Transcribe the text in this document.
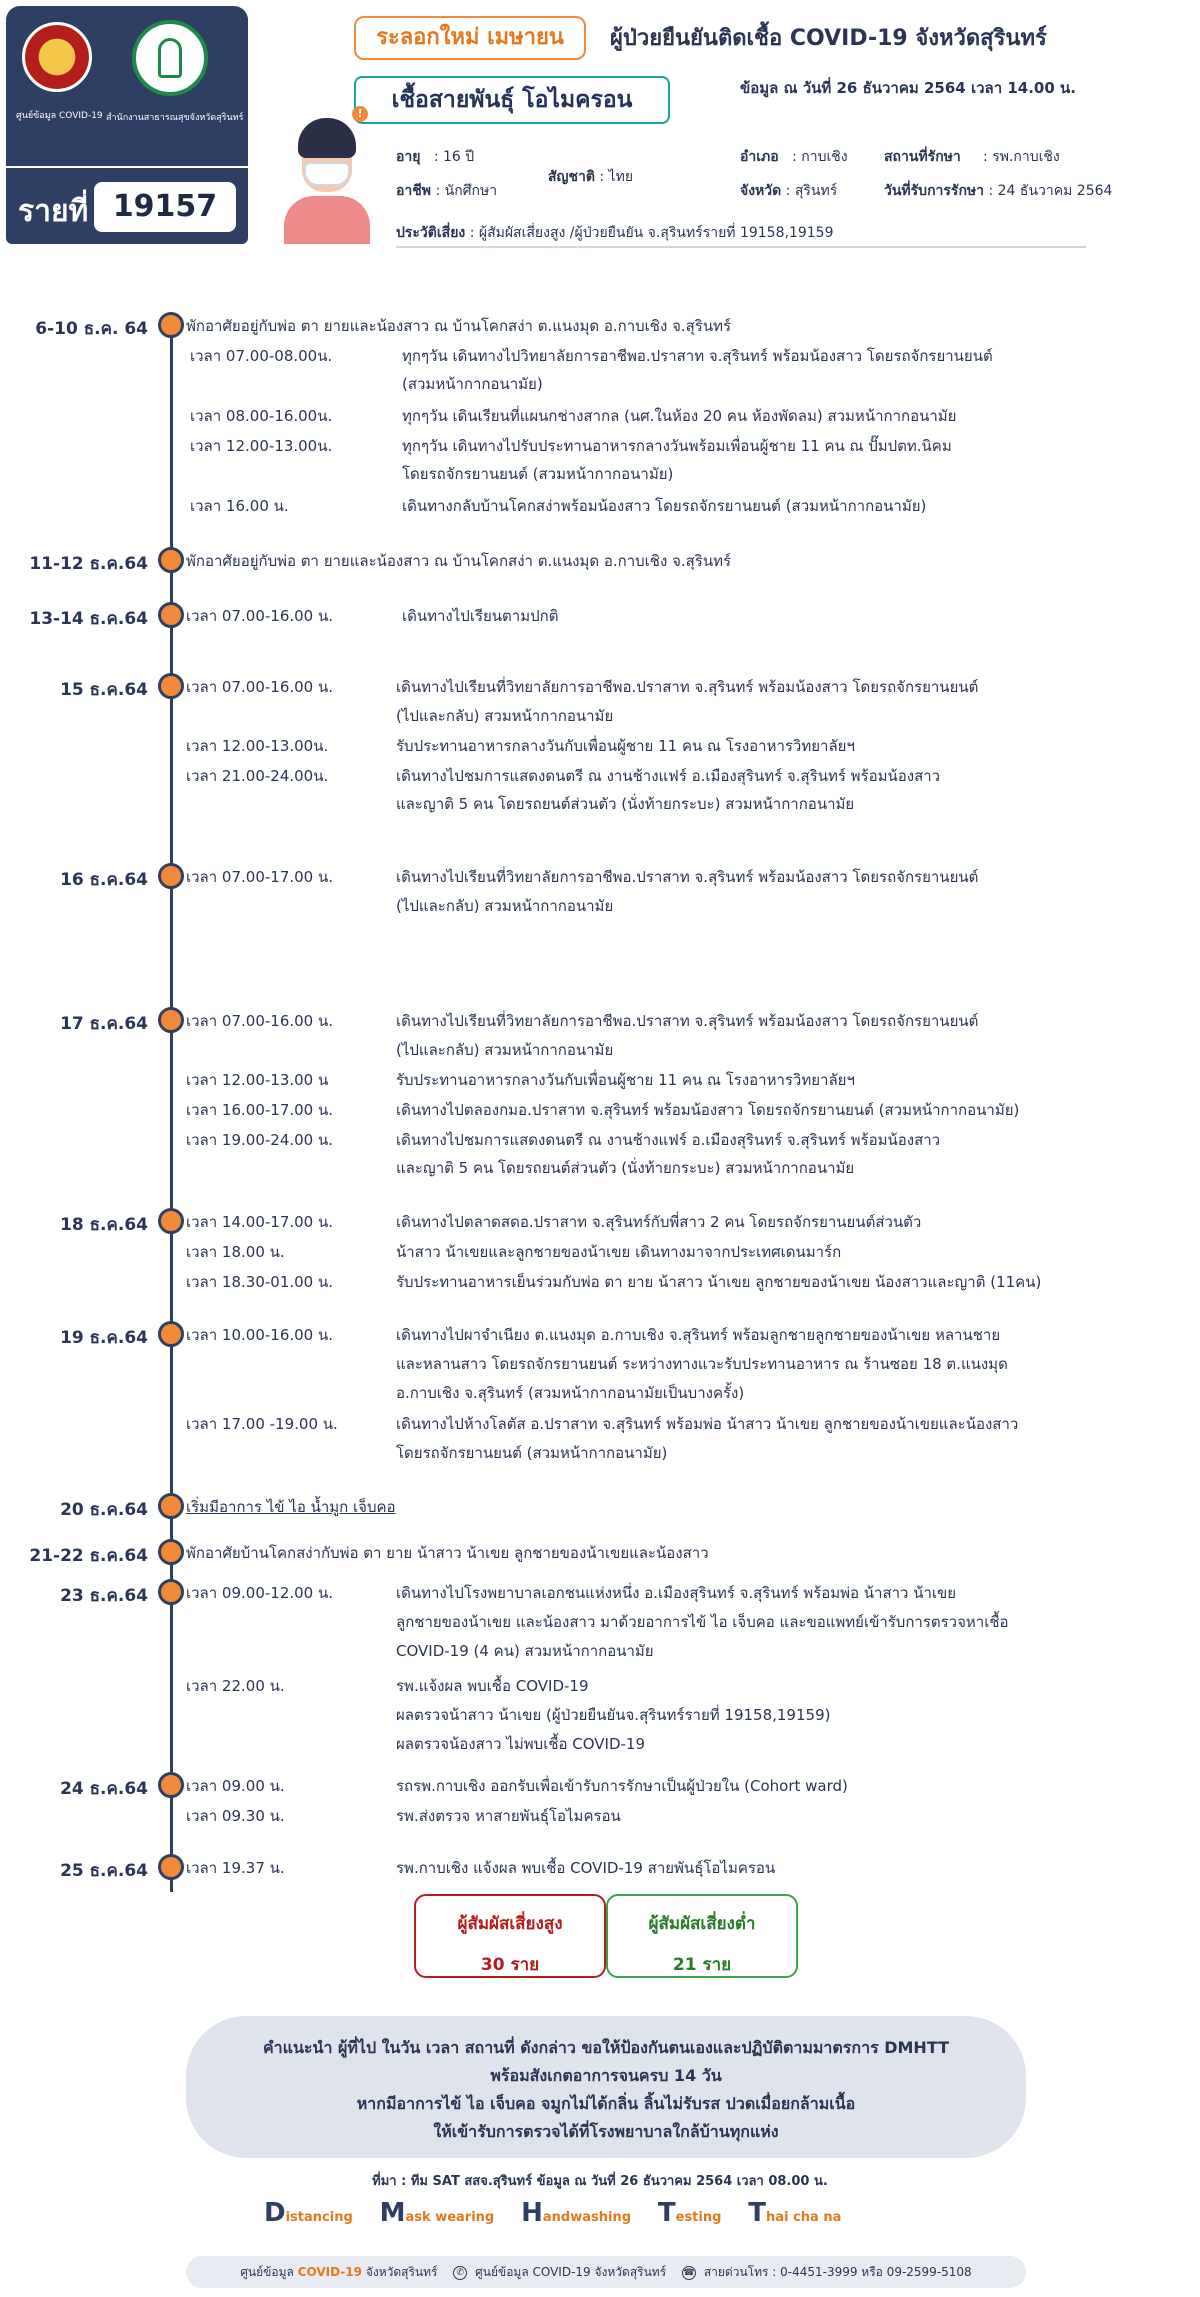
ศูนย์ข้อมูล COVID-19 สำนักงานสาธารณสุขจังหวัดสุรินทร์
รายที่ 19157
ระลอกใหม่ เมษายน	ผู้ป่วยยืนยันติดเชื้อ COVID-19 จังหวัดสุรินทร์
ข้อมูล ณ วันที่ 26 ธันวาคม 2564 เวลา 14.00 น.
เชื้อสายพันธุ์ โอไมครอน
!
อายุ : 16 ปี
อาชีพ : นักศึกษา
สัญชาติ : ไทย
อำเภอ : กาบเชิง
จังหวัด : สุรินทร์
สถานที่รักษา : รพ.กาบเชิง
วันที่รับการรักษา : 24 ธันวาคม 2564
ประวัติเสี่ยง : ผู้สัมผัสเสี่ยงสูง /ผู้ป่วยยืนยัน จ.สุรินทร์รายที่ 19158,19159
6-10 ธ.ค. 64	พักอาศัยอยู่กับพ่อ ตา ยายและน้องสาว ณ บ้านโคกสง่า ต.แนงมุด อ.กาบเชิง จ.สุรินทร์
เวลา 07.00-08.00น.	ทุกๆวัน เดินทางไปวิทยาลัยการอาชีพอ.ปราสาท จ.สุรินทร์ พร้อมน้องสาว โดยรถจักรยานยนต์
(สวมหน้ากากอนามัย)
เวลา 08.00-16.00น.	ทุกๆวัน เดินเรียนที่แผนกช่างสากล (นศ.ในห้อง 20 คน ห้องพัดลม) สวมหน้ากากอนามัย
เวลา 12.00-13.00น.	ทุกๆวัน เดินทางไปรับประทานอาหารกลางวันพร้อมเพื่อนผู้ชาย 11 คน ณ ปั๊มปตท.นิคม
โดยรถจักรยานยนต์ (สวมหน้ากากอนามัย)
เวลา 16.00 น.	เดินทางกลับบ้านโคกสง่าพร้อมน้องสาว โดยรถจักรยานยนต์ (สวมหน้ากากอนามัย)
11-12 ธ.ค.64	พักอาศัยอยู่กับพ่อ ตา ยายและน้องสาว ณ บ้านโคกสง่า ต.แนงมุด อ.กาบเชิง จ.สุรินทร์
13-14 ธ.ค.64	เวลา 07.00-16.00 น.	เดินทางไปเรียนตามปกติ
15 ธ.ค.64	เวลา 07.00-16.00 น.	เดินทางไปเรียนที่วิทยาลัยการอาชีพอ.ปราสาท จ.สุรินทร์ พร้อมน้องสาว โดยรถจักรยานยนต์
(ไปและกลับ) สวมหน้ากากอนามัย
เวลา 12.00-13.00น.	รับประทานอาหารกลางวันกับเพื่อนผู้ชาย 11 คน ณ โรงอาหารวิทยาลัยฯ
เวลา 21.00-24.00น.	เดินทางไปชมการแสดงดนตรี ณ งานช้างแฟร์ อ.เมืองสุรินทร์ จ.สุรินทร์ พร้อมน้องสาว
และญาติ 5 คน โดยรถยนต์ส่วนตัว (นั่งท้ายกระบะ) สวมหน้ากากอนามัย
16 ธ.ค.64	เวลา 07.00-17.00 น.	เดินทางไปเรียนที่วิทยาลัยการอาชีพอ.ปราสาท จ.สุรินทร์ พร้อมน้องสาว โดยรถจักรยานยนต์
(ไปและกลับ) สวมหน้ากากอนามัย
17 ธ.ค.64	เวลา 07.00-16.00 น.	เดินทางไปเรียนที่วิทยาลัยการอาชีพอ.ปราสาท จ.สุรินทร์ พร้อมน้องสาว โดยรถจักรยานยนต์
(ไปและกลับ) สวมหน้ากากอนามัย
เวลา 12.00-13.00 น	รับประทานอาหารกลางวันกับเพื่อนผู้ชาย 11 คน ณ โรงอาหารวิทยาลัยฯ
เวลา 16.00-17.00 น.	เดินทางไปตลองกมอ.ปราสาท จ.สุรินทร์ พร้อมน้องสาว โดยรถจักรยานยนต์ (สวมหน้ากากอนามัย)
เวลา 19.00-24.00 น.	เดินทางไปชมการแสดงดนตรี ณ งานช้างแฟร์ อ.เมืองสุรินทร์ จ.สุรินทร์ พร้อมน้องสาว
และญาติ 5 คน โดยรถยนต์ส่วนตัว (นั่งท้ายกระบะ) สวมหน้ากากอนามัย
18 ธ.ค.64	เวลา 14.00-17.00 น.	เดินทางไปตลาดสดอ.ปราสาท จ.สุรินทร์กับพี่สาว 2 คน โดยรถจักรยานยนต์ส่วนตัว
เวลา 18.00 น.	น้าสาว น้าเขยและลูกชายของน้าเขย เดินทางมาจากประเทศเดนมาร์ก
เวลา 18.30-01.00 น.	รับประทานอาหารเย็นร่วมกับพ่อ ตา ยาย น้าสาว น้าเขย ลูกชายของน้าเขย น้องสาวและญาติ (11คน)
19 ธ.ค.64	เวลา 10.00-16.00 น.	เดินทางไปผาจำเนียง ต.แนงมุด อ.กาบเชิง จ.สุรินทร์ พร้อมลูกชายลูกชายของน้าเขย หลานชาย
และหลานสาว โดยรถจักรยานยนต์ ระหว่างทางแวะรับประทานอาหาร ณ ร้านซอย 18 ต.แนงมุด
อ.กาบเชิง จ.สุรินทร์ (สวมหน้ากากอนามัยเป็นบางครั้ง)
เวลา 17.00 -19.00 น.	เดินทางไปห้างโลตัส อ.ปราสาท จ.สุรินทร์ พร้อมพ่อ น้าสาว น้าเขย ลูกชายของน้าเขยและน้องสาว
โดยรถจักรยานยนต์ (สวมหน้ากากอนามัย)
20 ธ.ค.64	เริ่มมีอาการ ไข้ ไอ น้ำมูก เจ็บคอ
21-22 ธ.ค.64	พักอาศัยบ้านโคกสง่ากับพ่อ ตา ยาย น้าสาว น้าเขย ลูกชายของน้าเขยและน้องสาว
23 ธ.ค.64	เวลา 09.00-12.00 น.	เดินทางไปโรงพยาบาลเอกชนแห่งหนึ่ง อ.เมืองสุรินทร์ จ.สุรินทร์ พร้อมพ่อ น้าสาว น้าเขย
ลูกชายของน้าเขย และน้องสาว มาด้วยอาการไข้ ไอ เจ็บคอ และขอแพทย์เข้ารับการตรวจหาเชื้อ
COVID-19 (4 คน) สวมหน้ากากอนามัย
เวลา 22.00 น.	รพ.แจ้งผล พบเชื้อ COVID-19
ผลตรวจน้าสาว น้าเขย (ผู้ป่วยยืนยันจ.สุรินทร์รายที่ 19158,19159)
ผลตรวจน้องสาว ไม่พบเชื้อ COVID-19
24 ธ.ค.64	เวลา 09.00 น.	รถรพ.กาบเชิง ออกรับเพื่อเข้ารับการรักษาเป็นผู้ป่วยใน (Cohort ward)
เวลา 09.30 น.	รพ.ส่งตรวจ หาสายพันธุ์โอไมครอน
25 ธ.ค.64	เวลา 19.37 น.	รพ.กาบเชิง แจ้งผล พบเชื้อ COVID-19 สายพันธุ์โอไมครอน
ผู้สัมผัสเสี่ยงสูง
30 ราย
ผู้สัมผัสเสี่ยงต่ำ
21 ราย

คำแนะนำ ผู้ที่ไป ในวัน เวลา สถานที่ ดังกล่าว ขอให้ป้องกันตนเองและปฏิบัติตามมาตรการ DMHTT

พร้อมสังเกตอาการจนครบ 14 วัน

หากมีอาการไข้ ไอ เจ็บคอ จมูกไม่ได้กลิ่น ลิ้นไม่รับรส ปวดเมื่อยกล้ามเนื้อ

ให้เข้ารับการตรวจได้ที่โรงพยาบาลใกล้บ้านทุกแห่ง

ที่มา : ทีม SAT สสจ.สุรินทร์ ข้อมูล ณ วันที่ 26 ธันวาคม 2564 เวลา 08.00 น.
Distancing Mask wearing Handwashing Testing Thai cha na
ศูนย์ข้อมูล COVID-19 จังหวัดสุรินทร์ ✆ ศูนย์ข้อมูล COVID-19 จังหวัดสุรินทร์ ☎ สายด่วนโทร : 0-4451-3999 หรือ 09-2599-5108
